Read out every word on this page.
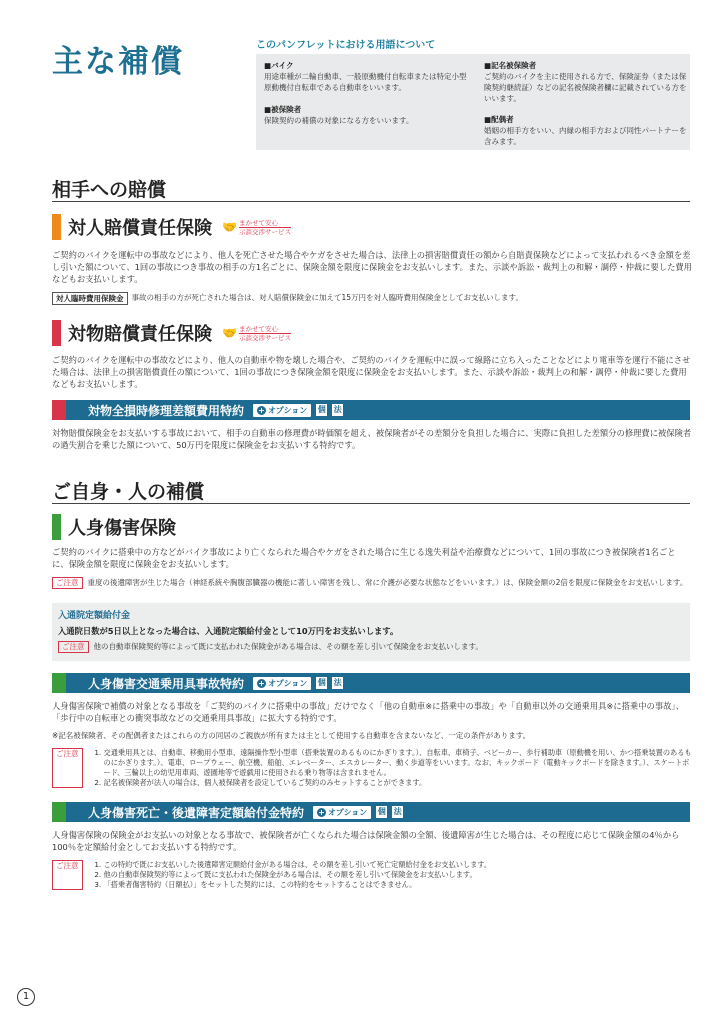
主な補償	このパンフレットにおける用語について
■ バイク
用途車種が二輪自動車、一般原動機付自転車または特定小型原動機付自転車である自動車をいいます。
■ 被保険者
保険契約の補償の対象になる方をいいます。
■ 記名被保険者
ご契約のバイクを主に使用される方で、保険証券（または保険契約継続証）などの記名被保険者欄に記載されている方をいいます。
■ 配偶者
婚姻の相手方をいい、内縁の相手方および同性パートナーを含みます。
相手への賠償
対人賠償責任保険 🤝 まかせて安心
示談交渉サービス

ご契約のバイクを運転中の事故などにより、他人を死亡させた場合やケガをさせた場合は、法律上の損害賠償責任の額から自賠責保険などによって支払われるべき金額を差し引いた額について、1回の事故につき事故の相手の方1名ごとに、保険金額を限度に保険金をお支払いします。また、示談や訴訟・裁判上の和解・調停・仲裁に要した費用などもお支払いします。

対人臨時費用保険金	事故の相手の方が死亡された場合は、対人賠償保険金に加えて15万円を対人臨時費用保険金としてお支払いします。
対物賠償責任保険 🤝 まかせて安心
示談交渉サービス

ご契約のバイクを運転中の事故などにより、他人の自動車や物を壊した場合や、ご契約のバイクを運転中に誤って線路に立ち入ったことなどにより電車等を運行不能にさせた場合は、法律上の損害賠償責任の額について、1回の事故につき保険金額を限度に保険金をお支払いします。また、示談や訴訟・裁判上の和解・調停・仲裁に要した費用などもお支払いします。

対物全損時修理差額費用特約 + オプション 個 法

対物賠償保険金をお支払いする事故において、相手の自動車の修理費が時価額を超え、被保険者がその差額分を負担した場合に、実際に負担した差額分の修理費に被保険者の過失割合を乗じた額について、50万円を限度に保険金をお支払いする特約です。

ご自身・人の補償
人身傷害保険

ご契約のバイクに搭乗中の方などがバイク事故により亡くなられた場合やケガをされた場合に生じる逸失利益や治療費などについて、1回の事故につき被保険者1名ごとに、保険金額を限度に保険金をお支払いします。

ご注意	重度の後遺障害が生じた場合（神経系統や胸腹部臓器の機能に著しい障害を残し、常に介護が必要な状態などをいいます。）は、保険金額の2倍を限度に保険金をお支払いします。
入通院定額給付金
入通院日数が5日以上となった場合は、入通院定額給付金として10万円をお支払いします。
ご注意	他の自動車保険契約等によって既に支払われた保険金がある場合は、その額を差し引いて保険金をお支払いします。
人身傷害交通乗用具事故特約 + オプション 個 法

人身傷害保険で補償の対象となる事故を「ご契約のバイクに搭乗中の事故」だけでなく「他の自動車※に搭乗中の事故」や「自動車以外の交通乗用具※に搭乗中の事故」、「歩行中の自転車との衝突事故などの交通乗用具事故」に拡大する特約です。

※記名被保険者、その配偶者またはこれらの方の同居のご親族が所有または主として使用する自動車を含まないなど、一定の条件があります。
ご注意	1. 交通乗用具とは、自動車、移動用小型車、遠隔操作型小型車（搭乗装置のあるものにかぎります。）、自転車、車椅子、ベビーカー、歩行補助車（原動機を用い、かつ搭乗装置のあるものにかぎります。）、電車、ロープウェー、航空機、船舶、エレベーター、エスカレーター、動く歩道等をいいます。なお、キックボード（電動キックボードを除きます。）、スケートボード、三輪以上の幼児用車両、遊園地等で遊戯用に使用される乗り物等は含まれません。
2. 記名被保険者が法人の場合は、個人被保険者を設定しているご契約のみセットすることができます。
人身傷害死亡・後遺障害定額給付金特約 + オプション 個 法

人身傷害保険の保険金がお支払いの対象となる事故で、被保険者が亡くなられた場合は保険金額の全額、後遺障害が生じた場合は、その程度に応じて保険金額の4％から100％を定額給付金としてお支払いする特約です。

ご注意	1. この特約で既にお支払いした後遺障害定額給付金がある場合は、その額を差し引いて死亡定額給付金をお支払いします。
2. 他の自動車保険契約等によって既に支払われた保険金がある場合は、その額を差し引いて保険金をお支払いします。
3. 「搭乗者傷害特約（日額払）」をセットした契約には、この特約をセットすることはできません。
1
